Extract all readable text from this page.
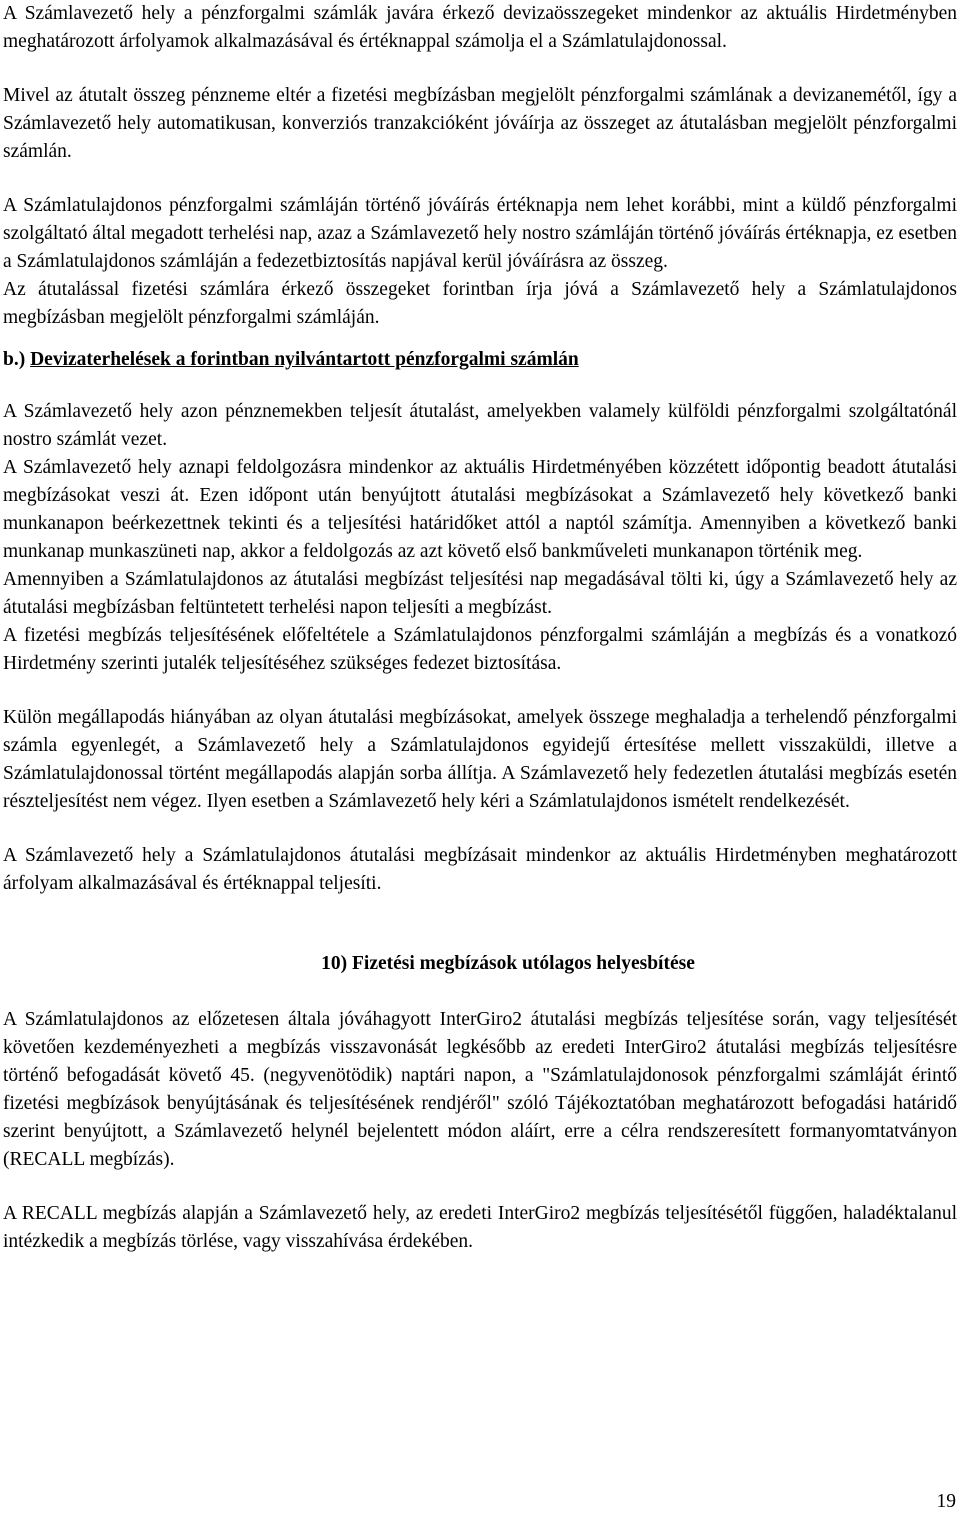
A Számlavezető hely a pénzforgalmi számlák javára érkező devizaösszegeket mindenkor az aktuális Hirdetményben meghatározott árfolyamok alkalmazásával és értéknappal számolja el a Számlatulajdonossal.

Mivel az átutalt összeg pénzneme eltér a fizetési megbízásban megjelölt pénzforgalmi számlának a devizanemétől, így a Számlavezető hely automatikusan, konverziós tranzakcióként jóváírja az összeget az átutalásban megjelölt pénzforgalmi számlán.

A Számlatulajdonos pénzforgalmi számláján történő jóváírás értéknapja nem lehet korábbi, mint a küldő pénzforgalmi szolgáltató által megadott terhelési nap, azaz a Számlavezető hely nostro számláján történő jóváírás értéknapja, ez esetben a Számlatulajdonos számláján a fedezetbiztosítás napjával kerül jóváírásra az összeg.

Az átutalással fizetési számlára érkező összegeket forintban írja jóvá a Számlavezető hely a Számlatulajdonos megbízásban megjelölt pénzforgalmi számláján.

b.) Devizaterhelések a forintban nyilvántartott pénzforgalmi számlán

A Számlavezető hely azon pénznemekben teljesít átutalást, amelyekben valamely külföldi pénzforgalmi szolgáltatónál nostro számlát vezet.

A Számlavezető hely aznapi feldolgozásra mindenkor az aktuális Hirdetményében közzétett időpontig beadott átutalási megbízásokat veszi át. Ezen időpont után benyújtott átutalási megbízásokat a Számlavezető hely következő banki munkanapon beérkezettnek tekinti és a teljesítési határidőket attól a naptól számítja. Amennyiben a következő banki munkanap munkaszüneti nap, akkor a feldolgozás az azt követő első bankműveleti munkanapon történik meg.

Amennyiben a Számlatulajdonos az átutalási megbízást teljesítési nap megadásával tölti ki, úgy a Számlavezető hely az átutalási megbízásban feltüntetett terhelési napon teljesíti a megbízást.

A fizetési megbízás teljesítésének előfeltétele a Számlatulajdonos pénzforgalmi számláján a megbízás és a vonatkozó Hirdetmény szerinti jutalék teljesítéséhez szükséges fedezet biztosítása.

Külön megállapodás hiányában az olyan átutalási megbízásokat, amelyek összege meghaladja a terhelendő pénzforgalmi számla egyenlegét, a Számlavezető hely a Számlatulajdonos egyidejű értesítése mellett visszaküldi, illetve a Számlatulajdonossal történt megállapodás alapján sorba állítja. A Számlavezető hely fedezetlen átutalási megbízás esetén részteljesítést nem végez. Ilyen esetben a Számlavezető hely kéri a Számlatulajdonos ismételt rendelkezését.

A Számlavezető hely a Számlatulajdonos átutalási megbízásait mindenkor az aktuális Hirdetményben meghatározott árfolyam alkalmazásával és értéknappal teljesíti.

10) Fizetési megbízások utólagos helyesbítése

A Számlatulajdonos az előzetesen általa jóváhagyott InterGiro2 átutalási megbízás teljesítése során, vagy teljesítését követően kezdeményezheti a megbízás visszavonását legkésőbb az eredeti InterGiro2 átutalási megbízás teljesítésre történő befogadását követő 45. (negyvenötödik) naptári napon, a "Számlatulajdonosok pénzforgalmi számláját érintő fizetési megbízások benyújtásának és teljesítésének rendjéről" szóló Tájékoztatóban meghatározott befogadási határidő szerint benyújtott, a Számlavezető helynél bejelentett módon aláírt, erre a célra rendszeresített formanyomtatványon (RECALL megbízás).

A RECALL megbízás alapján a Számlavezető hely, az eredeti InterGiro2 megbízás teljesítésétől függően, haladéktalanul intézkedik a megbízás törlése, vagy visszahívása érdekében.

19
